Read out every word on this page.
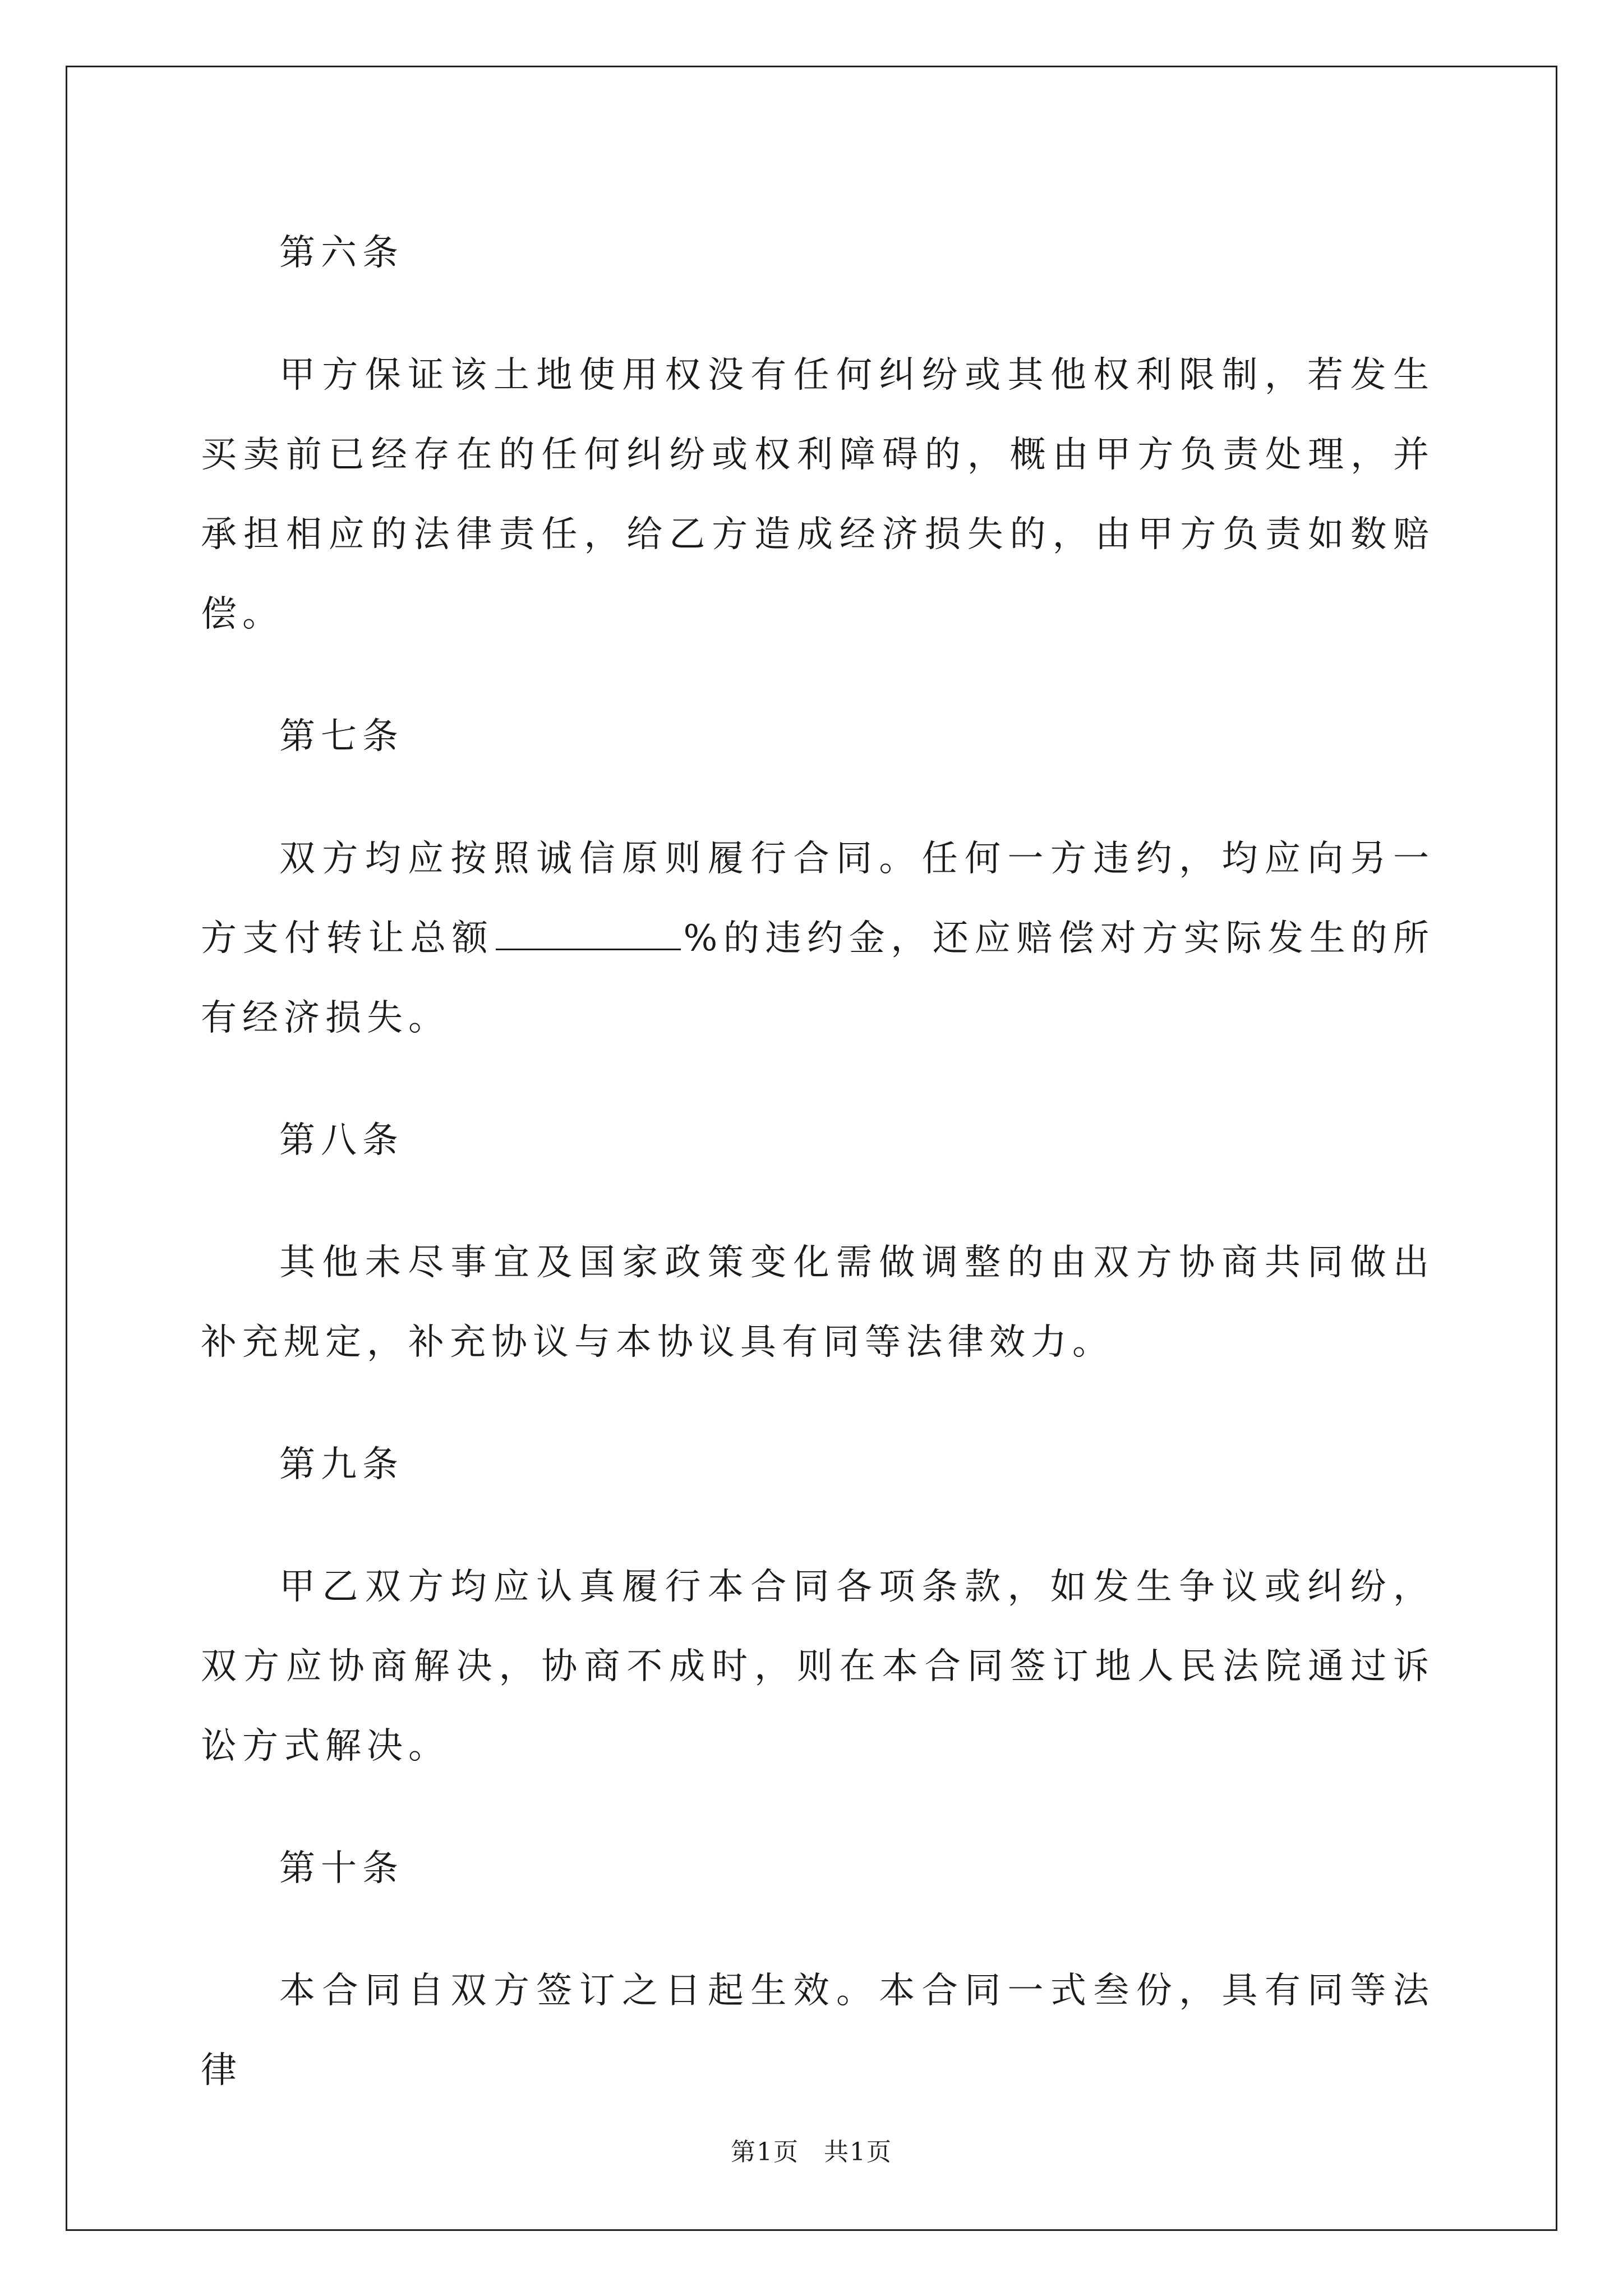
第六条

甲方保证该土地使用权没有任何纠纷或其他权利限制，若发生买卖前已经存在的任何纠纷或权利障碍的，概由甲方负责处理，并承担相应的法律责任，给乙方造成经济损失的，由甲方负责如数赔偿。

第七条

双方均应按照诚信原则履行合同。任何一方违约，均应向另一方支付转让总额	%的违约金，还应赔偿对方实际发生的所有经济损失。

第八条

其他未尽事宜及国家政策变化需做调整的由双方协商共同做出补充规定，补充协议与本协议具有同等法律效力。

第九条

甲乙双方均应认真履行本合同各项条款，如发生争议或纠纷，双方应协商解决，协商不成时，则在本合同签订地人民法院通过诉讼方式解决。

第十条

本合同自双方签订之日起生效。本合同一式叁份，具有同等法律

第1页 共1页
